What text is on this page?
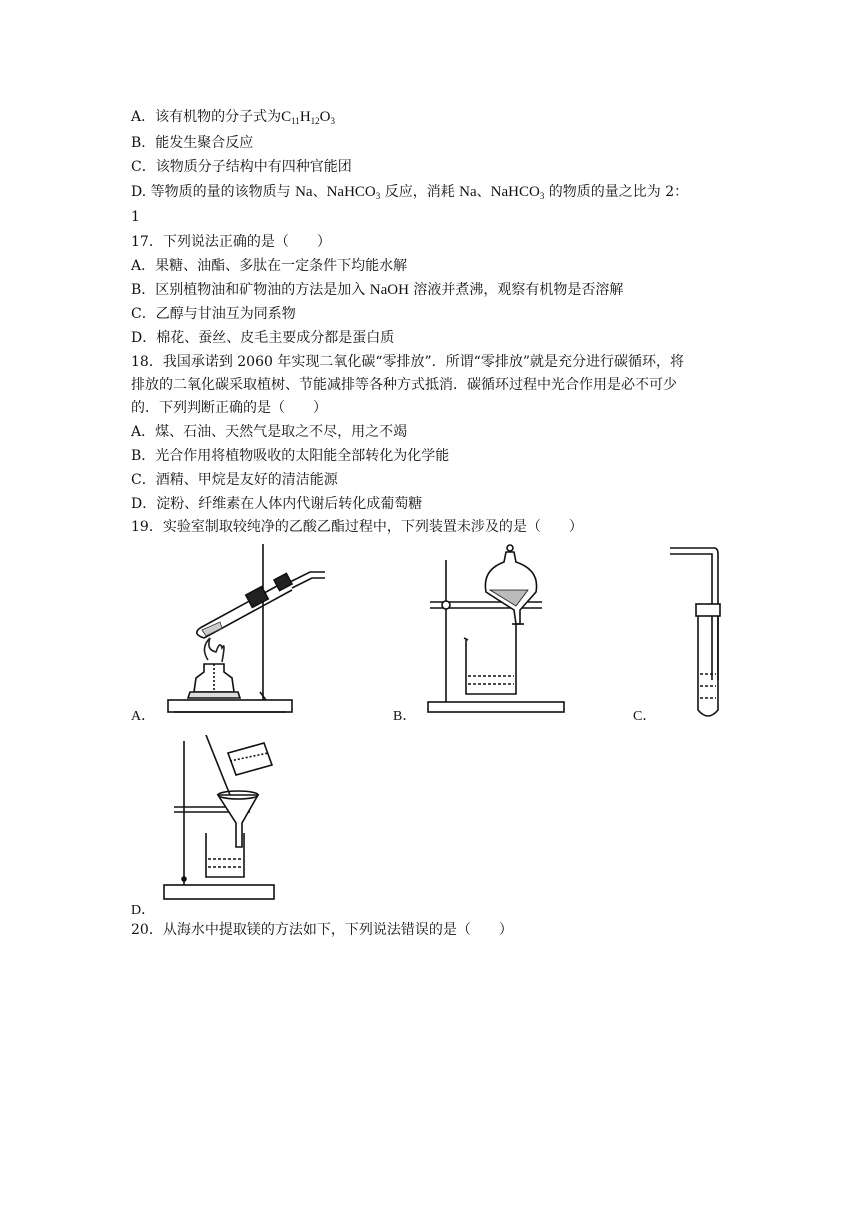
A．该有机物的分子式为$C_{11}H_{12}O_3$
B．能发生聚合反应
C．该物质分子结构中有四种官能团
D. 等物质的量的该物质与 Na、NaHCO$_3$ 反应，消耗 Na、NaHCO$_3$ 的物质的量之比为 2：
1
17．下列说法正确的是（　　）
A．果糖、油酯、多肽在一定条件下均能水解
B．区别植物油和矿物油的方法是加入 NaOH 溶液并煮沸，观察有机物是否溶解
C．乙醇与甘油互为同系物
D．棉花、蚕丝、皮毛主要成分都是蛋白质
18．我国承诺到 2060 年实现二氧化碳“零排放”．所谓“零排放”就是充分进行碳循环，将
排放的二氧化碳采取植树、节能减排等各种方式抵消．碳循环过程中光合作用是必不可少
的．下列判断正确的是（　　）
A．煤、石油、天然气是取之不尽，用之不竭
B．光合作用将植物吸收的太阳能全部转化为化学能
C．酒精、甲烷是友好的清洁能源
D．淀粉、纤维素在人体内代谢后转化成葡萄糖
19．实验室制取较纯净的乙酸乙酯过程中，下列装置未涉及的是（　　）
A．	B．	C．
D．
20．从海水中提取镁的方法如下，下列说法错误的是（　　）
